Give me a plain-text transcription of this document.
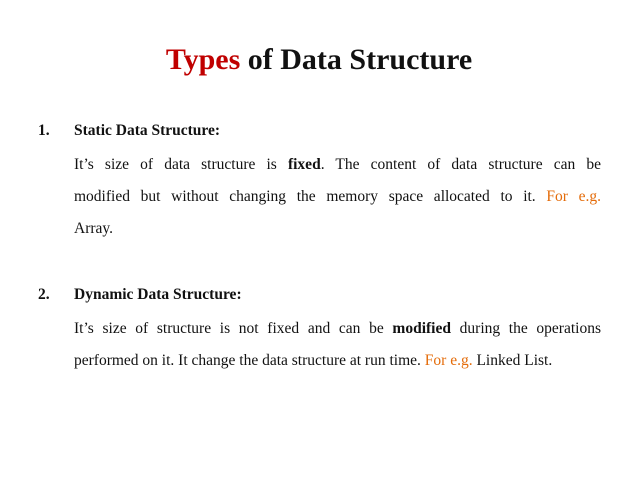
Types of Data Structure
1. Static Data Structure:
It’s size of data structure is fixed. The content of data structure can be
modified but without changing the memory space allocated to it. For e.g.
Array.
2. Dynamic Data Structure:
It’s size of structure is not fixed and can be modified during the operations
performed on it. It change the data structure at run time. For e.g. Linked List.
